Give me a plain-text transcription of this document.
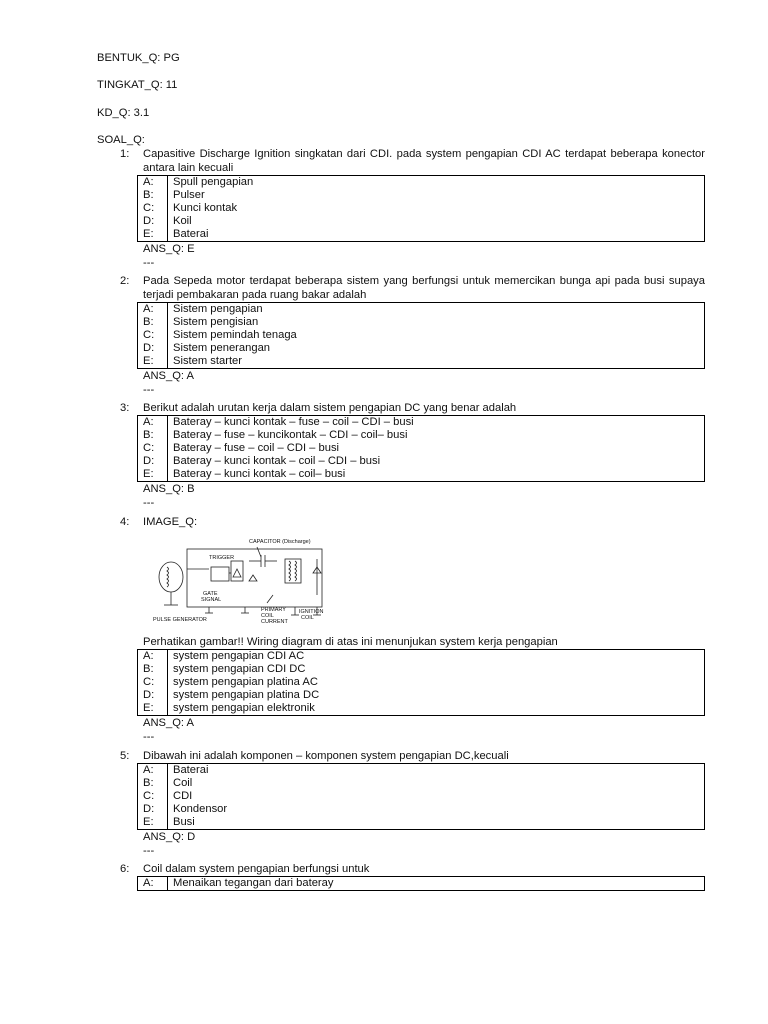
BENTUK_Q: PG

TINGKAT_Q: 11

KD_Q: 3.1

SOAL_Q:

1: Capasitive Discharge Ignition singkatan dari CDI. pada system pengapian CDI AC terdapat beberapa konector antara lain kecuali

A:	Spull pengapian
B:	Pulser
C:	Kunci kontak
D:	Koil
E:	Baterai

ANS_Q: E

---

2: Pada Sepeda motor terdapat beberapa sistem yang berfungsi untuk memercikan bunga api pada busi supaya terjadi pembakaran pada ruang bakar adalah

A:	Sistem pengapian
B:	Sistem pengisian
C:	Sistem pemindah tenaga
D:	Sistem penerangan
E:	Sistem starter

ANS_Q: A

---

3: Berikut adalah urutan kerja dalam sistem pengapian DC yang benar adalah

A:	Bateray – kunci kontak – fuse – coil – CDI – busi
B:	Bateray – fuse – kuncikontak – CDI – coil– busi
C:	Bateray – fuse – coil – CDI – busi
D:	Bateray – kunci kontak – coil – CDI – busi
E:	Bateray – kunci kontak – coil– busi

ANS_Q: B

---

4: IMAGE_Q:

CAPACITOR (Discharge)
TRIGGER
GATE
SIGNAL
PULSE GENERATOR
PRIMARY
COIL
CURRENT
IGNITION
COIL

Perhatikan gambar!! Wiring diagram di atas ini menunjukan system kerja pengapian

A:	system pengapian CDI AC
B:	system pengapian CDI DC
C:	system pengapian platina AC
D:	system pengapian platina DC
E:	system pengapian elektronik

ANS_Q: A

---

5: Dibawah ini adalah komponen – komponen system pengapian DC,kecuali

A:	Baterai
B:	Coil
C:	CDI
D:	Kondensor
E:	Busi

ANS_Q: D

---

6: Coil dalam system pengapian berfungsi untuk

A:	Menaikan tegangan dari bateray
